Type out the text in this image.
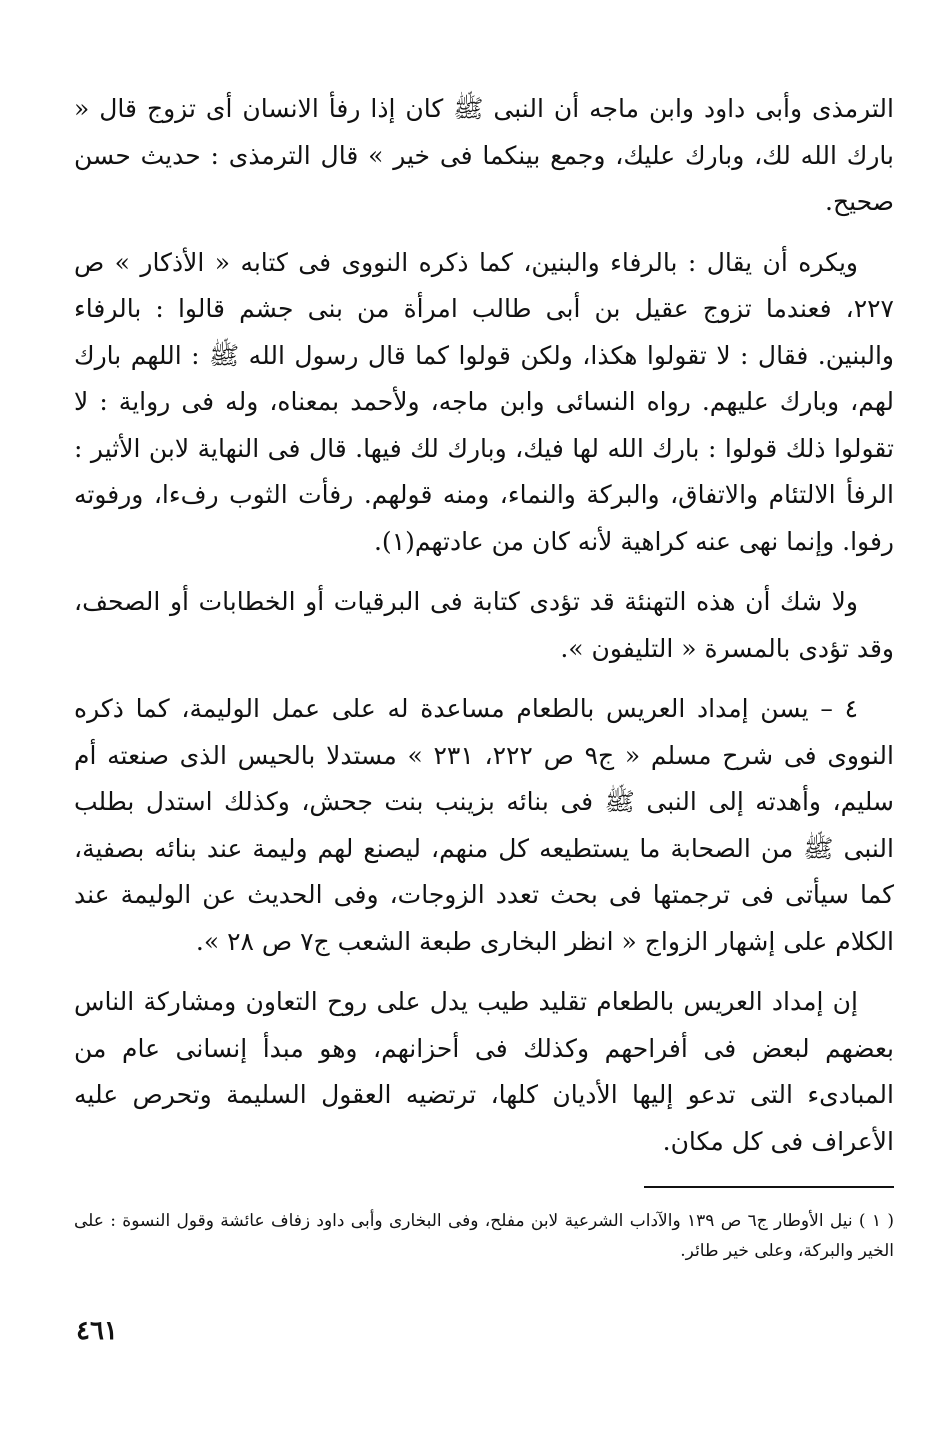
الترمذى وأبى داود وابن ماجه أن النبى ﷺ كان إذا رفأ الانسان أى تزوج قال « بارك الله لك، وبارك عليك، وجمع بينكما فى خير » قال الترمذى : حديث حسن صحيح.

ويكره أن يقال : بالرفاء والبنين، كما ذكره النووى فى كتابه « الأذكار » ص ٢٢٧، فعندما تزوج عقيل بن أبى طالب امرأة من بنى جشم قالوا : بالرفاء والبنين. فقال : لا تقولوا هكذا، ولكن قولوا كما قال رسول الله ﷺ : اللهم بارك لهم، وبارك عليهم. رواه النسائى وابن ماجه، ولأحمد بمعناه، وله فى رواية : لا تقولوا ذلك قولوا : بارك الله لها فيك، وبارك لك فيها. قال فى النهاية لابن الأثير : الرفأ الالتئام والاتفاق، والبركة والنماء، ومنه قولهم. رفأت الثوب رفءا، ورفوته رفوا. وإنما نهى عنه كراهية لأنه كان من عادتهم(١).

ولا شك أن هذه التهنئة قد تؤدى كتابة فى البرقيات أو الخطابات أو الصحف، وقد تؤدى بالمسرة « التليفون ».

٤ – يسن إمداد العريس بالطعام مساعدة له على عمل الوليمة، كما ذكره النووى فى شرح مسلم « ج٩ ص ٢٢٢، ٢٣١ » مستدلا بالحيس الذى صنعته أم سليم، وأهدته إلى النبى ﷺ فى بنائه بزينب بنت جحش، وكذلك استدل بطلب النبى ﷺ من الصحابة ما يستطيعه كل منهم، ليصنع لهم وليمة عند بنائه بصفية، كما سيأتى فى ترجمتها فى بحث تعدد الزوجات، وفى الحديث عن الوليمة عند الكلام على إشهار الزواج « انظر البخارى طبعة الشعب ج٧ ص ٢٨ ».

إن إمداد العريس بالطعام تقليد طيب يدل على روح التعاون ومشاركة الناس بعضهم لبعض فى أفراحهم وكذلك فى أحزانهم، وهو مبدأ إنسانى عام من المبادىء التى تدعو إليها الأديان كلها، ترتضيه العقول السليمة وتحرص عليه الأعراف فى كل مكان.

( ١ ) نيل الأوطار ج٦ ص ١٣٩ والآداب الشرعية لابن مفلح، وفى البخارى وأبى داود زفاف عائشة وقول النسوة : على الخير والبركة، وعلى خير طائر.

٤٦١
